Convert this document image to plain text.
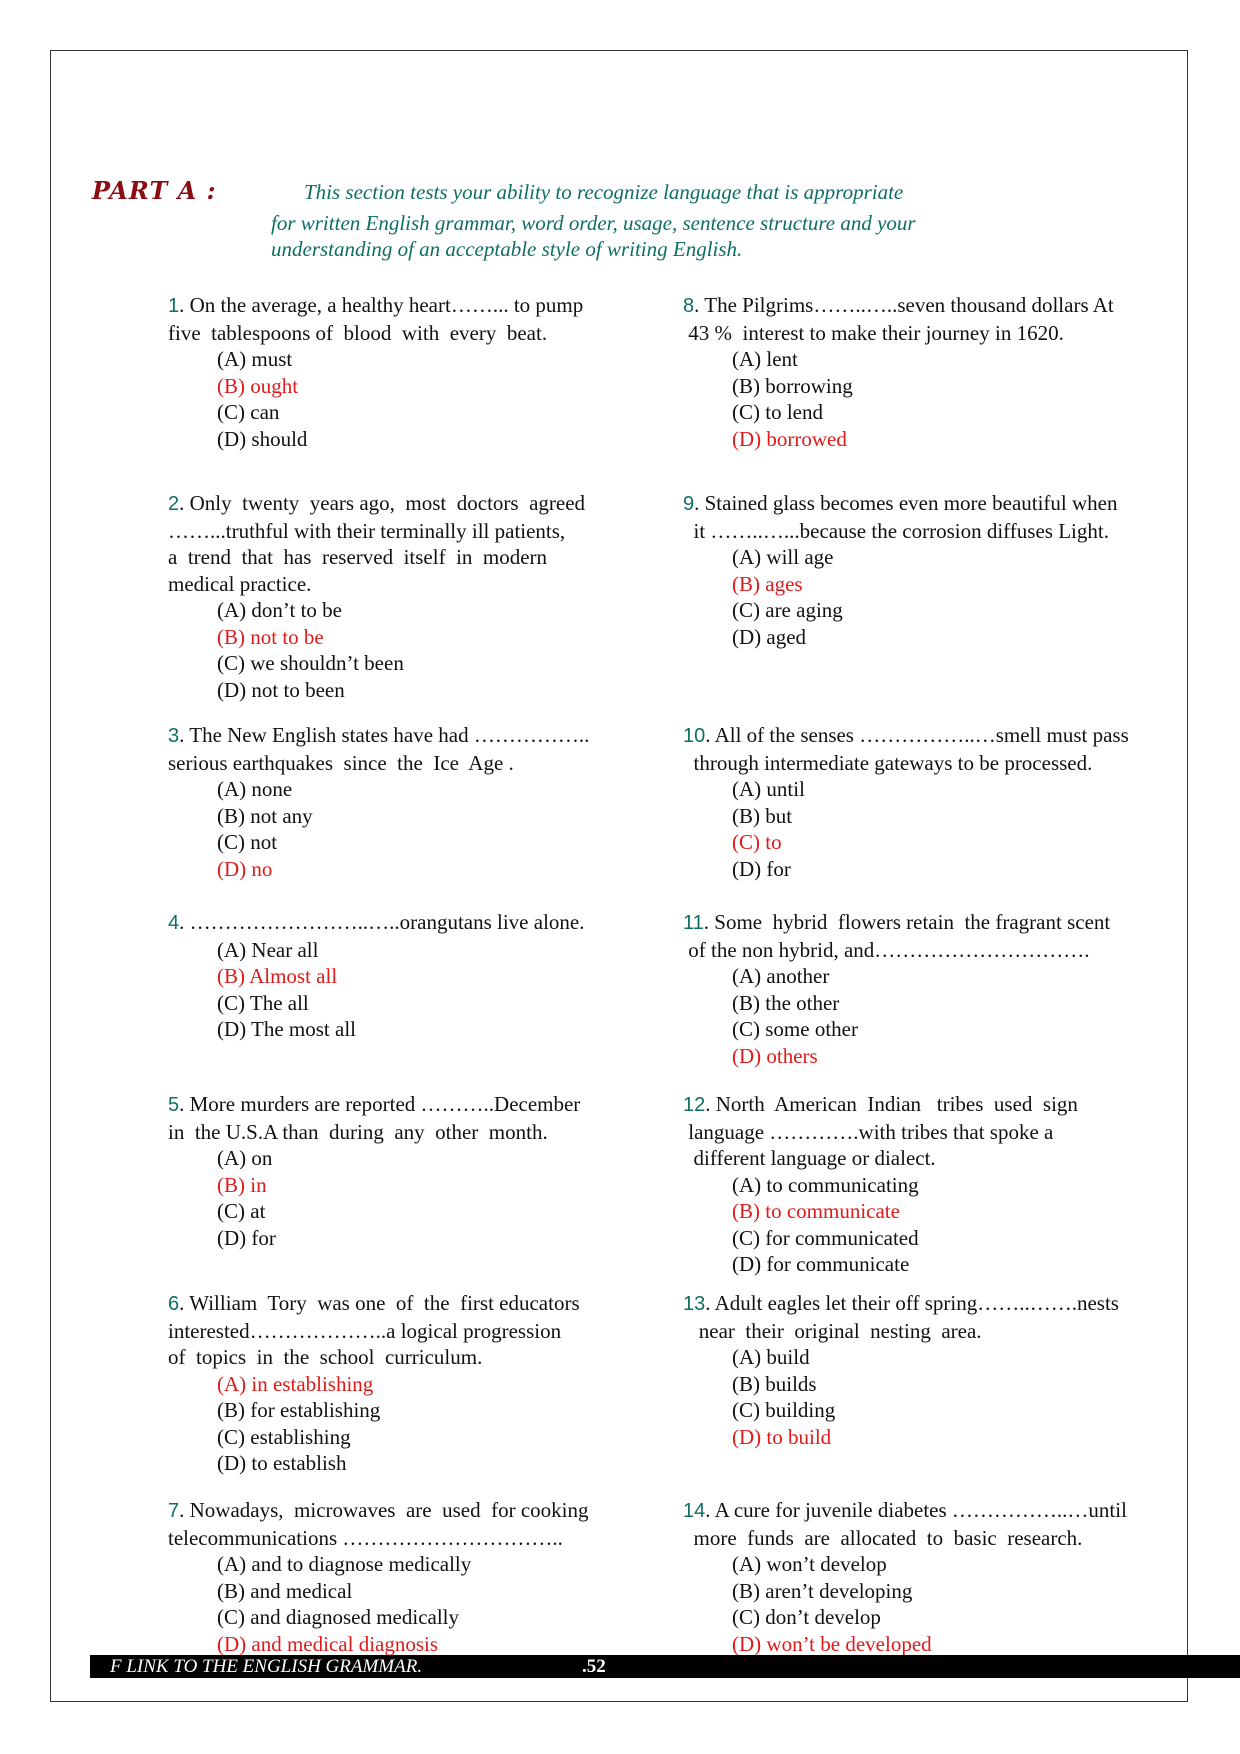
PART A :	This section tests your ability to recognize language that is appropriate
for written English grammar, word order, usage, sentence structure and your
understanding of an acceptable style of writing English.
1. On the average, a healthy heart……... to pump
five  tablespoons of  blood  with  every  beat.
(A) must
(B) ought
(C) can
(D) should
2. Only  twenty  years ago,  most  doctors  agreed
……...truthful with their terminally ill patients,
a  trend  that  has  reserved  itself  in  modern
medical practice.
(A) don’t to be
(B) not to be
(C) we shouldn’t been
(D) not to been
3. The New English states have had ……………..
serious earthquakes  since  the  Ice  Age .
(A) none
(B) not any
(C) not
(D) no
4. ……………………..…..orangutans live alone.
(A) Near all
(B) Almost all
(C) The all
(D) The most all
5. More murders are reported ………..December
in  the U.S.A than  during  any  other  month.
(A) on
(B) in
(C) at
(D) for
6. William  Tory  was one  of  the  first educators
interested………………..a logical progression
of  topics  in  the  school  curriculum.
(A) in establishing
(B) for establishing
(C) establishing
(D) to establish
7. Nowadays,  microwaves  are  used  for cooking
telecommunications …………………………..
(A) and to diagnose medically
(B) and medical
(C) and diagnosed medically
(D) and medical diagnosis
8. The Pilgrims……..…..seven thousand dollars At
43 %  interest to make their journey in 1620.
(A) lent
(B) borrowing
(C) to lend
(D) borrowed
9. Stained glass becomes even more beautiful when
it ……..…...because the corrosion diffuses Light.
(A) will age
(B) ages
(C) are aging
(D) aged
10. All of the senses ……………..…smell must pass
through intermediate gateways to be processed.
(A) until
(B) but
(C) to
(D) for
11. Some  hybrid  flowers retain  the fragrant scent
of the non hybrid, and………………………….
(A) another
(B) the other
(C) some other
(D) others
12. North  American  Indian   tribes  used  sign
language ………….with tribes that spoke a
different language or dialect.
(A) to communicating
(B) to communicate
(C) for communicated
(D) for communicate
13. Adult eagles let their off spring……..…….nests
near  their  original  nesting  area.
(A) build
(B) builds
(C) building
(D) to build
14. A cure for juvenile diabetes ……………..…until
more  funds  are  allocated  to  basic  research.
(A) won’t develop
(B) aren’t developing
(C) don’t develop
(D) won’t be developed
F LINK TO THE ENGLISH GRAMMAR.	.52
